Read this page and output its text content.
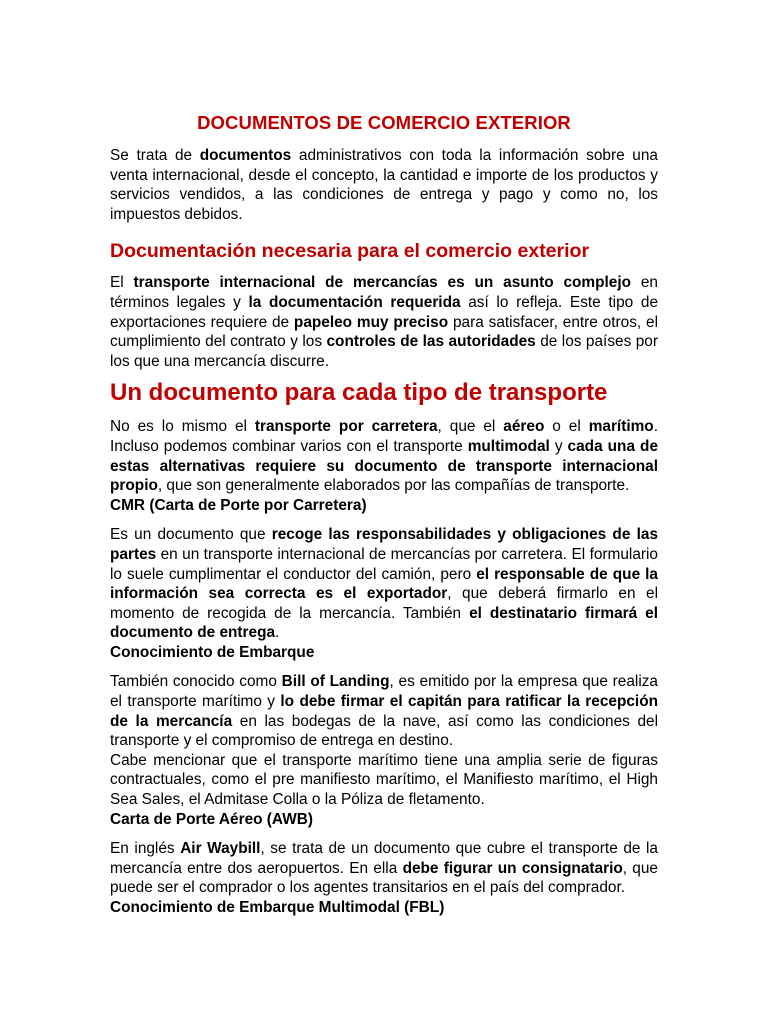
DOCUMENTOS DE COMERCIO EXTERIOR

Se trata de documentos administrativos con toda la información sobre una venta internacional, desde el concepto, la cantidad e importe de los productos y servicios vendidos, a las condiciones de entrega y pago y como no, los impuestos debidos.

Documentación necesaria para el comercio exterior

El transporte internacional de mercancías es un asunto complejo en términos legales y la documentación requerida así lo refleja. Este tipo de exportaciones requiere de papeleo muy preciso para satisfacer, entre otros, el cumplimiento del contrato y los controles de las autoridades de los países por los que una mercancía discurre.

Un documento para cada tipo de transporte

No es lo mismo el transporte por carretera, que el aéreo o el marítimo. Incluso podemos combinar varios con el transporte multimodal y cada una de estas alternativas requiere su documento de transporte internacional propio, que son generalmente elaborados por las compañías de transporte.

CMR (Carta de Porte por Carretera)

Es un documento que recoge las responsabilidades y obligaciones de las partes en un transporte internacional de mercancías por carretera. El formulario lo suele cumplimentar el conductor del camión, pero el responsable de que la información sea correcta es el exportador, que deberá firmarlo en el momento de recogida de la mercancía. También el destinatario firmará el documento de entrega.

Conocimiento de Embarque

También conocido como Bill of Landing, es emitido por la empresa que realiza el transporte marítimo y lo debe firmar el capitán para ratificar la recepción de la mercancía en las bodegas de la nave, así como las condiciones del transporte y el compromiso de entrega en destino.

Cabe mencionar que el transporte marítimo tiene una amplia serie de figuras contractuales, como el pre manifiesto marítimo, el Manifiesto marítimo, el High Sea Sales, el Admitase Colla o la Póliza de fletamento.

Carta de Porte Aéreo (AWB)

En inglés Air Waybill, se trata de un documento que cubre el transporte de la mercancía entre dos aeropuertos. En ella debe figurar un consignatario, que puede ser el comprador o los agentes transitarios en el país del comprador.

Conocimiento de Embarque Multimodal (FBL)
